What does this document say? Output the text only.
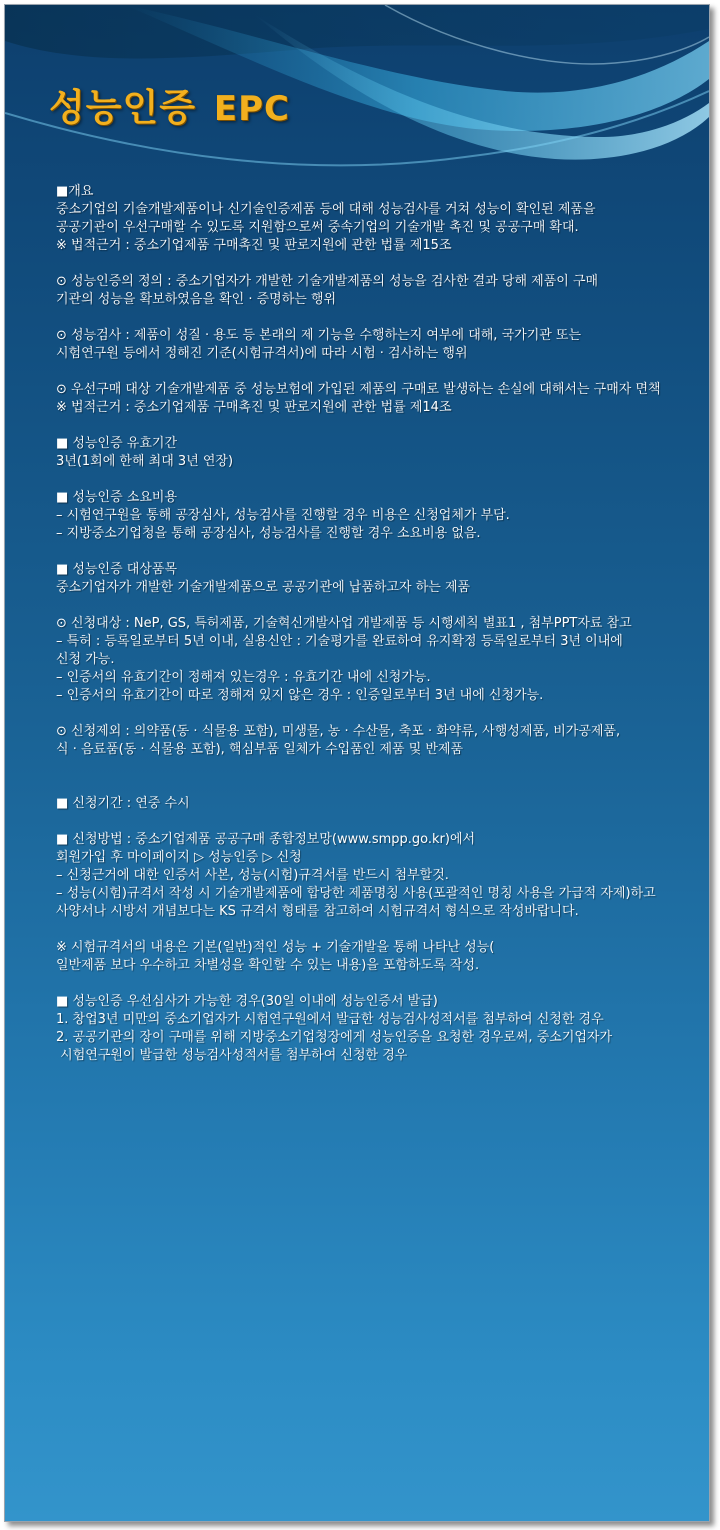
성능인증 EPC
■개요
중소기업의 기술개발제품이나 신기술인증제품 등에 대해 성능검사를 거쳐 성능이 확인된 제품을
공공기관이 우선구매할 수 있도록 지원함으로써 중속기업의 기술개발 촉진 및 공공구매 확대.
※ 법적근거 : 중소기업제품 구매촉진 및 판로지원에 관한 법률 제15조
⊙ 성능인증의 정의 : 중소기업자가 개발한 기술개발제품의 성능을 검사한 결과 당해 제품이 구매
기관의 성능을 확보하였음을 확인 · 증명하는 행위
⊙ 성능검사 : 제품이 성질 · 용도 등 본래의 제 기능을 수행하는지 여부에 대해, 국가기관 또는
시험연구원 등에서 정해진 기준(시험규격서)에 따라 시험 · 검사하는 행위
⊙ 우선구매 대상 기술개발제품 중 성능보험에 가입된 제품의 구매로 발생하는 손실에 대해서는 구매자 면책
※ 법적근거 : 중소기업제품 구매촉진 및 판로지원에 관한 법률 제14조
■ 성능인증 유효기간
3년(1회에 한해 최대 3년 연장)
■ 성능인증 소요비용
– 시험연구원을 통해 공장심사, 성능검사를 진행할 경우 비용은 신청업체가 부담.
– 지방중소기업청을 통해 공장심사, 성능검사를 진행할 경우 소요비용 없음.
■ 성능인증 대상품목
중소기업자가 개발한 기술개발제품으로 공공기관에 납품하고자 하는 제품
⊙ 신청대상 : NeP, GS, 특허제품, 기술혁신개발사업 개발제품 등 시행세칙 별표1 , 첨부PPT자료 참고
– 특허 : 등록일로부터 5년 이내, 실용신안 : 기술평가를 완료하여 유지확정 등록일로부터 3년 이내에
신청 가능.
– 인증서의 유효기간이 정해져 있는경우 : 유효기간 내에 신청가능.
– 인증서의 유효기간이 따로 정해져 있지 않은 경우 : 인증일로부터 3년 내에 신청가능.
⊙ 신청제외 : 의약품(동 · 식물용 포함), 미생물, 농 · 수산물, 축포 · 화약류, 사행성제품, 비가공제품,
식 · 음료품(동 · 식물용 포함), 핵심부품 일체가 수입품인 제품 및 반제품
■ 신청기간 : 연중 수시
■ 신청방법 : 중소기업제품 공공구매 종합정보망(www.smpp.go.kr)에서
회원가입 후 마이페이지 ▷ 성능인증 ▷ 신청
– 신청근거에 대한 인증서 사본, 성능(시험)규격서를 반드시 첨부할것.
– 성능(시험)규격서 작성 시 기술개발제품에 합당한 제품명칭 사용(포괄적인 명칭 사용을 가급적 자제)하고
사양서나 시방서 개념보다는 KS 규격서 형태를 참고하여 시험규격서 형식으로 작성바랍니다.
※ 시험규격서의 내용은 기본(일반)적인 성능 + 기술개발을 통해 나타난 성능(
일반제품 보다 우수하고 차별성을 확인할 수 있는 내용)을 포함하도록 작성.
■ 성능인증 우선심사가 가능한 경우(30일 이내에 성능인증서 발급)
1. 창업3년 미만의 중소기업자가 시험연구원에서 발급한 성능검사성적서를 첨부하여 신청한 경우
2. 공공기관의 장이 구매를 위해 지방중소기업청장에게 성능인증을 요청한 경우로써, 중소기업자가
시험연구원이 발급한 성능검사성적서를 첨부하여 신청한 경우
